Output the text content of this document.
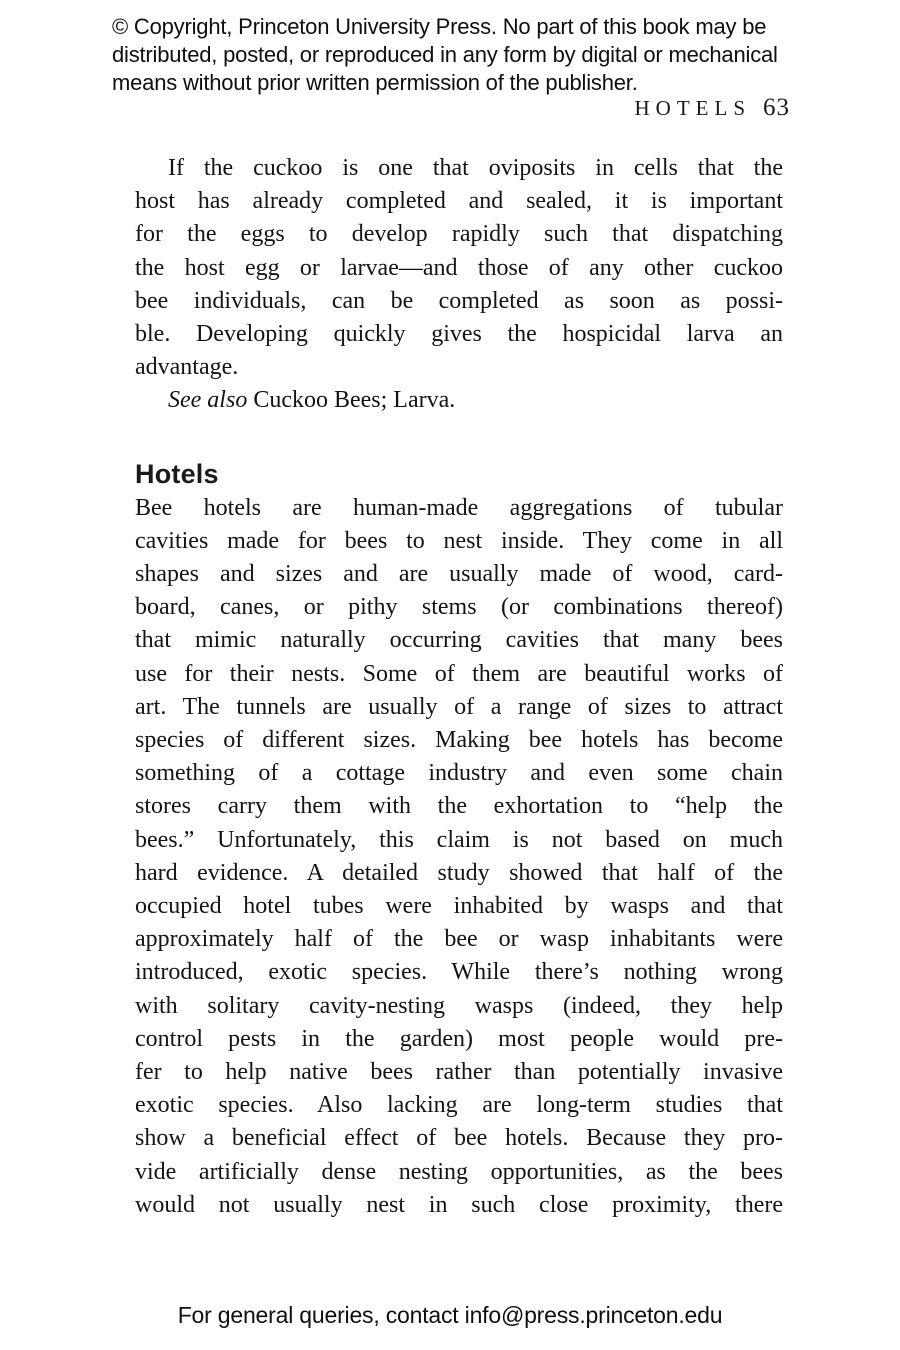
© Copyright, Princeton University Press. No part of this book may be
distributed, posted, or reproduced in any form by digital or mechanical
means without prior written permission of the publisher.
HOTELS 63
If the cuckoo is one that oviposits in cells that the
host has already completed and sealed, it is important
for the eggs to develop rapidly such that dispatching
the host egg or larvae—and those of any other cuckoo
bee individuals, can be completed as soon as possi-
ble. Developing quickly gives the hospicidal larva an
advantage.
See also Cuckoo Bees; Larva.
Hotels
Bee hotels are human-made aggregations of tubular
cavities made for bees to nest inside. They come in all
shapes and sizes and are usually made of wood, card-
board, canes, or pithy stems (or combinations thereof)
that mimic naturally occurring cavities that many bees
use for their nests. Some of them are beautiful works of
art. The tunnels are usually of a range of sizes to attract
species of different sizes. Making bee hotels has become
something of a cottage industry and even some chain
stores carry them with the exhortation to “help the
bees.” Unfortunately, this claim is not based on much
hard evidence. A detailed study showed that half of the
occupied hotel tubes were inhabited by wasps and that
approximately half of the bee or wasp inhabitants were
introduced, exotic species. While there’s nothing wrong
with solitary cavity-nesting wasps (indeed, they help
control pests in the garden) most people would pre-
fer to help native bees rather than potentially invasive
exotic species. Also lacking are long-term studies that
show a beneficial effect of bee hotels. Because they pro-
vide artificially dense nesting opportunities, as the bees
would not usually nest in such close proximity, there
For general queries, contact info@press.princeton.edu
